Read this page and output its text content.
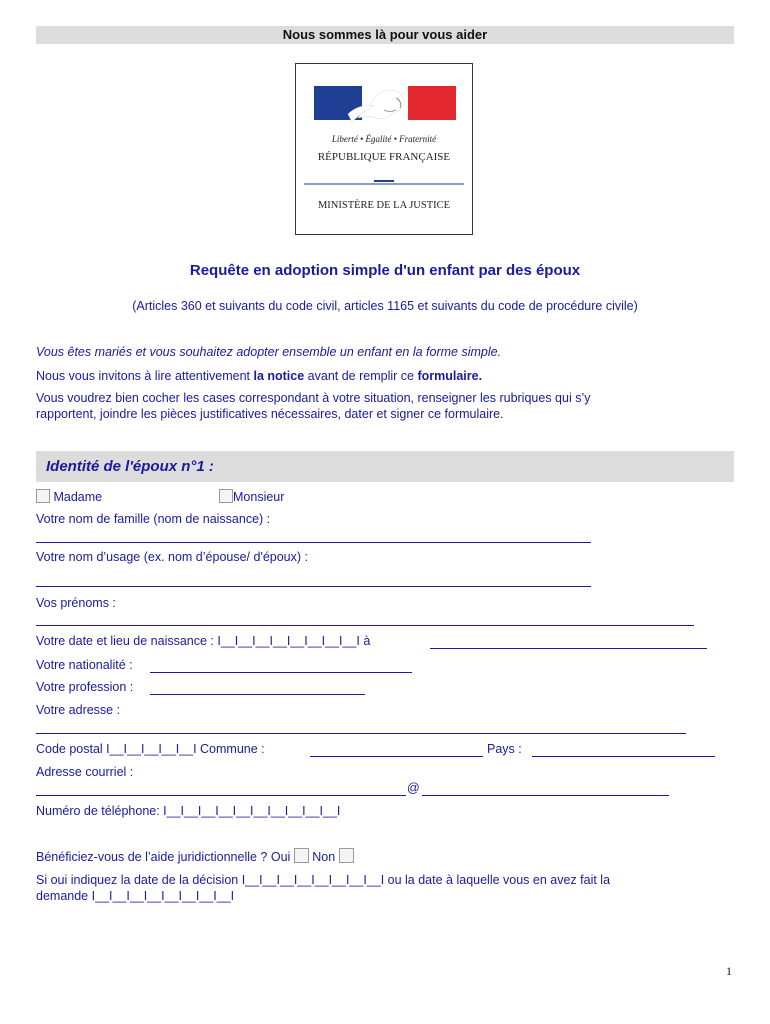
Nous sommes là pour vous aider
Liberté • Égalité • Fraternité
RÉPUBLIQUE FRANÇAISE
MINISTÈRE DE LA JUSTICE
Requête en adoption simple d'un enfant par des époux
(Articles 360 et suivants du code civil, articles 1165 et suivants du code de procédure civile)
Vous êtes mariés et vous souhaitez adopter ensemble un enfant en la forme simple.
Nous vous invitons à lire attentivement la notice avant de remplir ce formulaire.
Vous voudrez bien cocher les cases correspondant à votre situation, renseigner les rubriques qui s’y
rapportent, joindre les pièces justificatives nécessaires, dater et signer ce formulaire.
Identité de l'époux n°1 :
Madame	Monsieur
Votre nom de famille (nom de naissance) :
Votre nom d’usage (ex. nom d’épouse/ d'époux) :
Vos prénoms :
Votre date et lieu de naissance : I__I__I__I__I__I__I__I__I à
Votre nationalité :
Votre profession :
Votre adresse :
Code postal I__I__I__I__I__I Commune :	Pays :
Adresse courriel :
@
Numéro de téléphone: I__I__I__I__I__I__I__I__I__I__I
Bénéficiez-vous de l’aide juridictionnelle ? Oui Non
Si oui indiquez la date de la décision I__I__I__I__I__I__I__I__I ou la date à laquelle vous en avez fait la
demande I__I__I__I__I__I__I__I__I
1
